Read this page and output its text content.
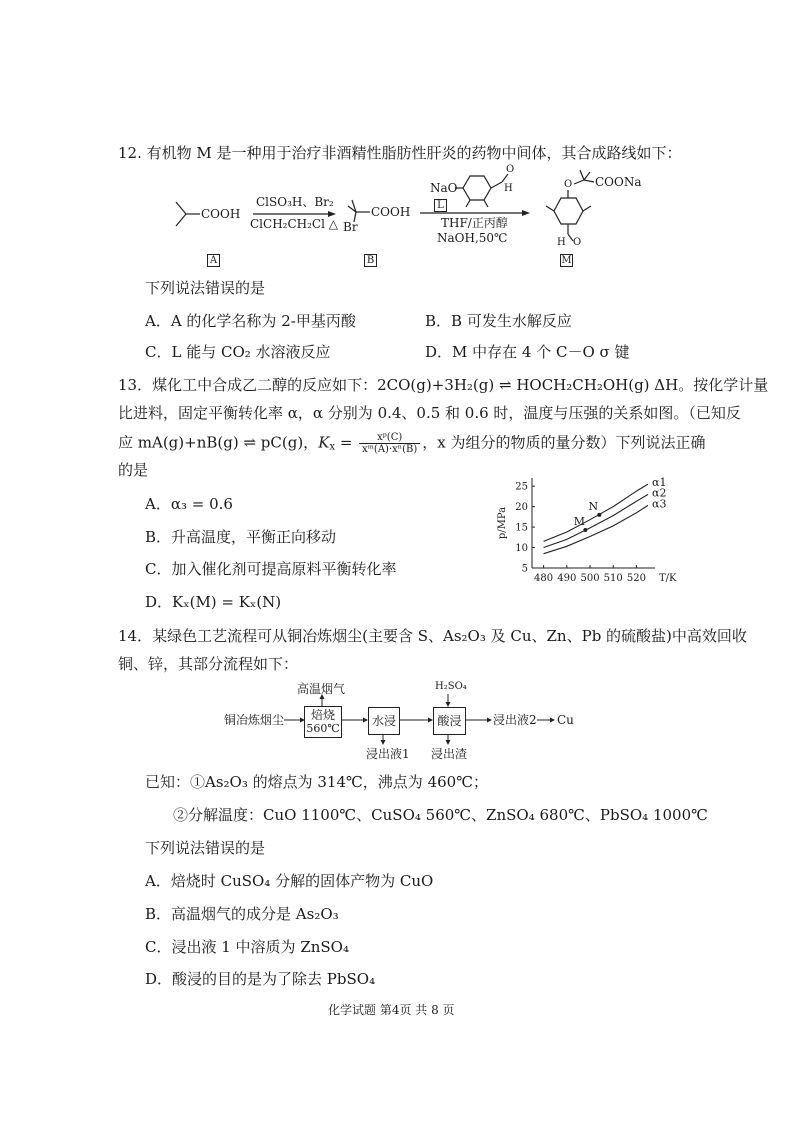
12. 有机物 M 是一种用于治疗非酒精性脂肪性肝炎的药物中间体，其合成路线如下：
COOH
ClSO₃H、Br₂
ClCH₂CH₂Cl △
COOH
Br
NaO
O
H
L
THF/正丙醇
NaOH,50℃
O COONa
O
H
A	B	M
下列说法错误的是
A．A 的化学名称为 2-甲基丙酸	B．B 可发生水解反应
C．L 能与 CO₂ 水溶液反应	D．M 中存在 4 个 C－O σ 键
13．煤化工中合成乙二醇的反应如下：2CO(g)+3H₂(g) ⇌ HOCH₂CH₂OH(g) ΔH。按化学计量
比进料，固定平衡转化率 α，α 分别为 0.4、0.5 和 0.6 时，温度与压强的关系如图。（已知反
应 mA(g)+nB(g) ⇌ pC(g)，$K_x = \frac{\text{xᵖ(C)}}{\text{xᵐ(A)·xⁿ(B)}}$ ，x 为组分的物质的量分数）下列说法正确
的是
A．α₃ = 0.6
B．升高温度，平衡正向移动
C．加入催化剂可提高原料平衡转化率
D．Kₓ(M) = Kₓ(N)
480 490 500 510 520
5
10
15
20
25
T/K
p/MPa
α1
α2
α3
M
N
14．某绿色工艺流程可从铜冶炼烟尘(主要含 S、As₂O₃ 及 Cu、Zn、Pb 的硫酸盐)中高效回收
铜、锌，其部分流程如下：
铜冶炼烟尘
高温烟气
焙烧
560℃
水浸
H₂SO₄
酸浸	浸出液2 Cu
浸出液1 浸出渣
已知：①As₂O₃ 的熔点为 314℃，沸点为 460℃；
②分解温度：CuO 1100℃、CuSO₄ 560℃、ZnSO₄ 680℃、PbSO₄ 1000℃
下列说法错误的是
A．焙烧时 CuSO₄ 分解的固体产物为 CuO
B．高温烟气的成分是 As₂O₃
C．浸出液 1 中溶质为 ZnSO₄
D．酸浸的目的是为了除去 PbSO₄
化学试题 第4页 共 8 页
